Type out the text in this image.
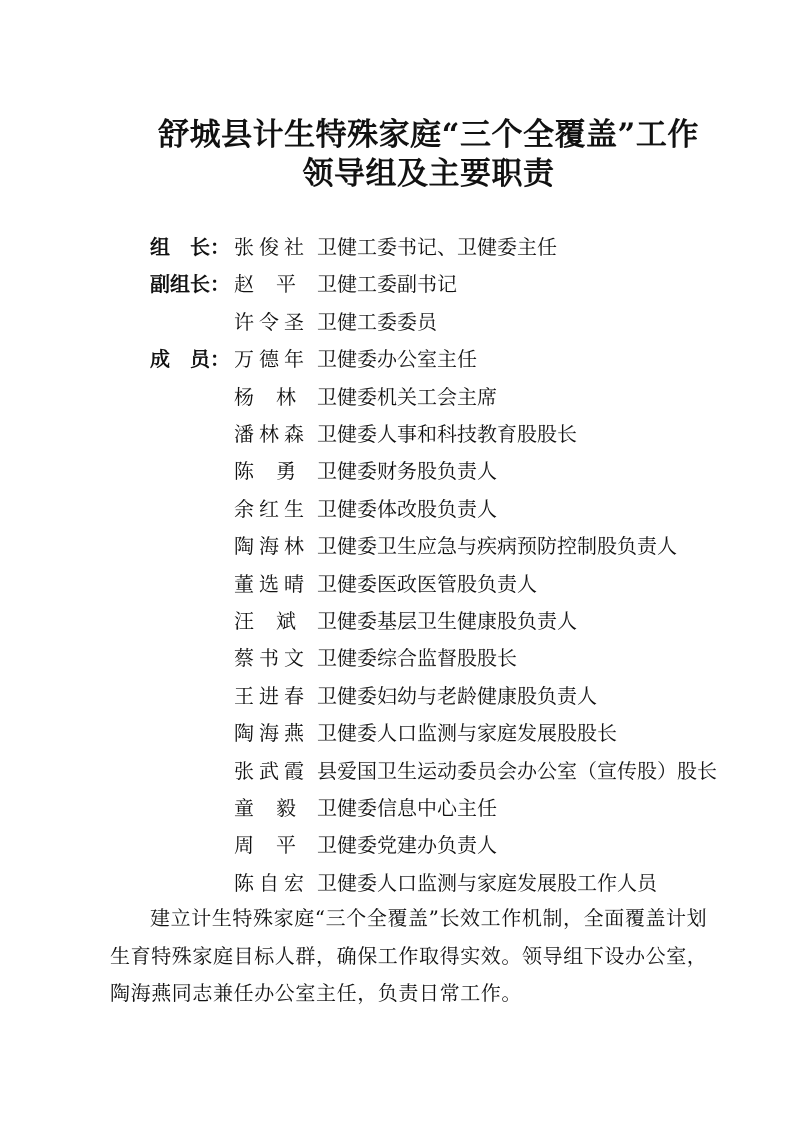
舒城县计生特殊家庭“三个全覆盖”工作
领导组及主要职责
组　长： 张俊社 卫健工委书记、卫健委主任
副组长： 赵平 卫健工委副书记
许令圣 卫健工委委员
成　员： 万德年 卫健委办公室主任
杨林 卫健委机关工会主席
潘林森 卫健委人事和科技教育股股长
陈勇 卫健委财务股负责人
余红生 卫健委体改股负责人
陶海林 卫健委卫生应急与疾病预防控制股负责人
董选晴 卫健委医政医管股负责人
汪斌 卫健委基层卫生健康股负责人
蔡书文 卫健委综合监督股股长
王进春 卫健委妇幼与老龄健康股负责人
陶海燕 卫健委人口监测与家庭发展股股长
张武霞 县爱国卫生运动委员会办公室（宣传股）股长
童毅 卫健委信息中心主任
周平 卫健委党建办负责人
陈自宏 卫健委人口监测与家庭发展股工作人员
建立计生特殊家庭“三个全覆盖”长效工作机制，全面覆盖计划生育特殊家庭目标人群，确保工作取得实效。领导组下设办公室，陶海燕同志兼任办公室主任，负责日常工作。
